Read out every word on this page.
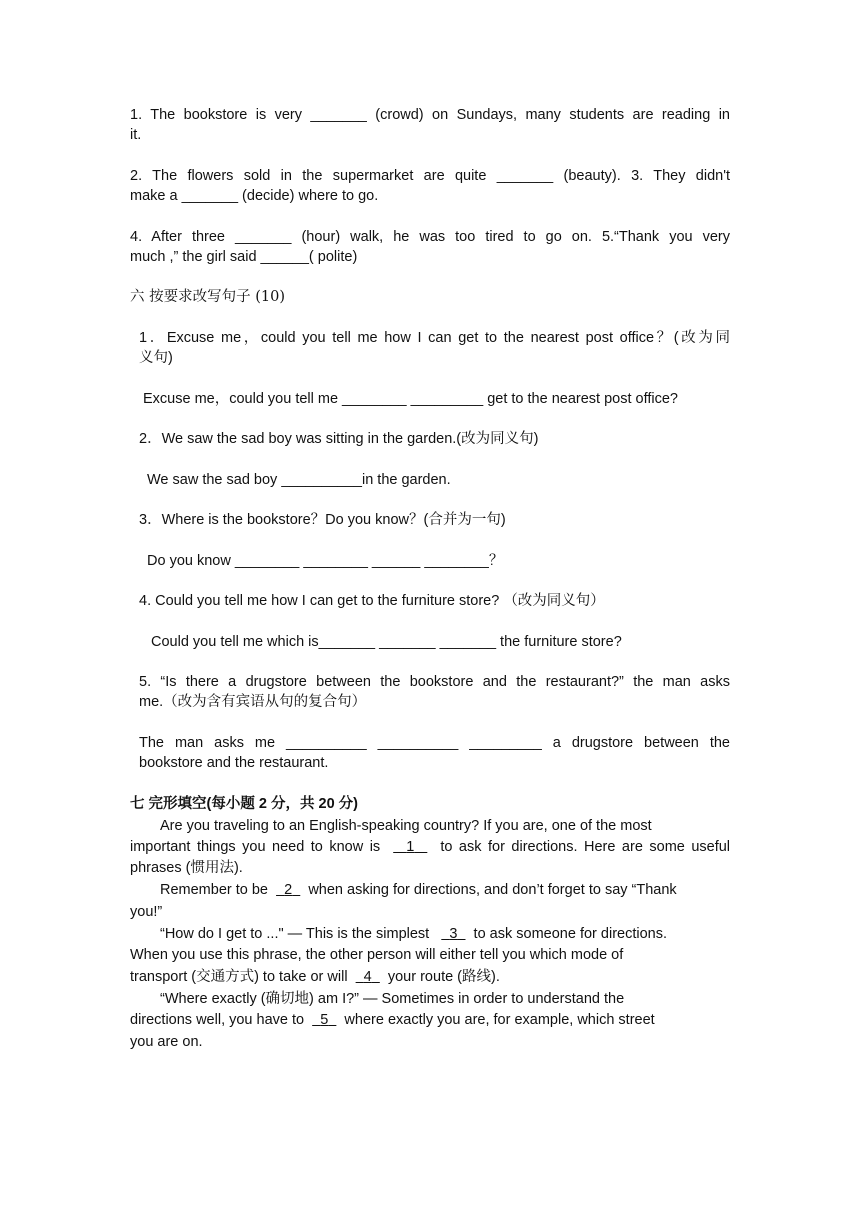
1. The bookstore is very _______ (crowd) on Sundays, many students are reading in
it.
2. The flowers sold in the supermarket are quite _______ (beauty). 3. They didn't
make a _______ (decide) where to go.
4. After three _______ (hour) walk, he was too tired to go on. 5.“Thank you very
much ,” the girl said ______( polite)
六 按要求改写句子 (10)
1．Excuse me，could you tell me how I can get to the nearest post office？(改为同
义句)
Excuse me，could you tell me ________ _________ get to the nearest post office?
2．We saw the sad boy was sitting in the garden.(改为同义句)
We saw the sad boy __________in the garden.
3．Where is the bookstore？Do you know？(合并为一句)
Do you know ________ ________ ______ ________？
4. Could you tell me how I can get to the furniture store? （改为同义句）
Could you tell me which is_______ _______ _______ the furniture store?
5. “Is there a drugstore between the bookstore and the restaurant?” the man asks
me.（改为含有宾语从句的复合句）
The man asks me __________ __________ _________ a drugstore between the
bookstore and the restaurant.
七 完形填空(每小题 2 分，共 20 分)
Are you traveling to an English-speaking country? If you are, one of the most
important things you need to know is    1    to ask for directions. Here are some useful
phrases (惯用法).
Remember to be    2    when asking for directions, and don’t forget to say “Thank
you!”
“How do I get to ..." — This is the simplest     3    to ask someone for directions.
When you use this phrase, the other person will either tell you which mode of
transport (交通方式) to take or will    4    your route (路线).
“Where exactly (确切地) am I?” — Sometimes in order to understand the
directions well, you have to    5    where exactly you are, for example, which street
you are on.
